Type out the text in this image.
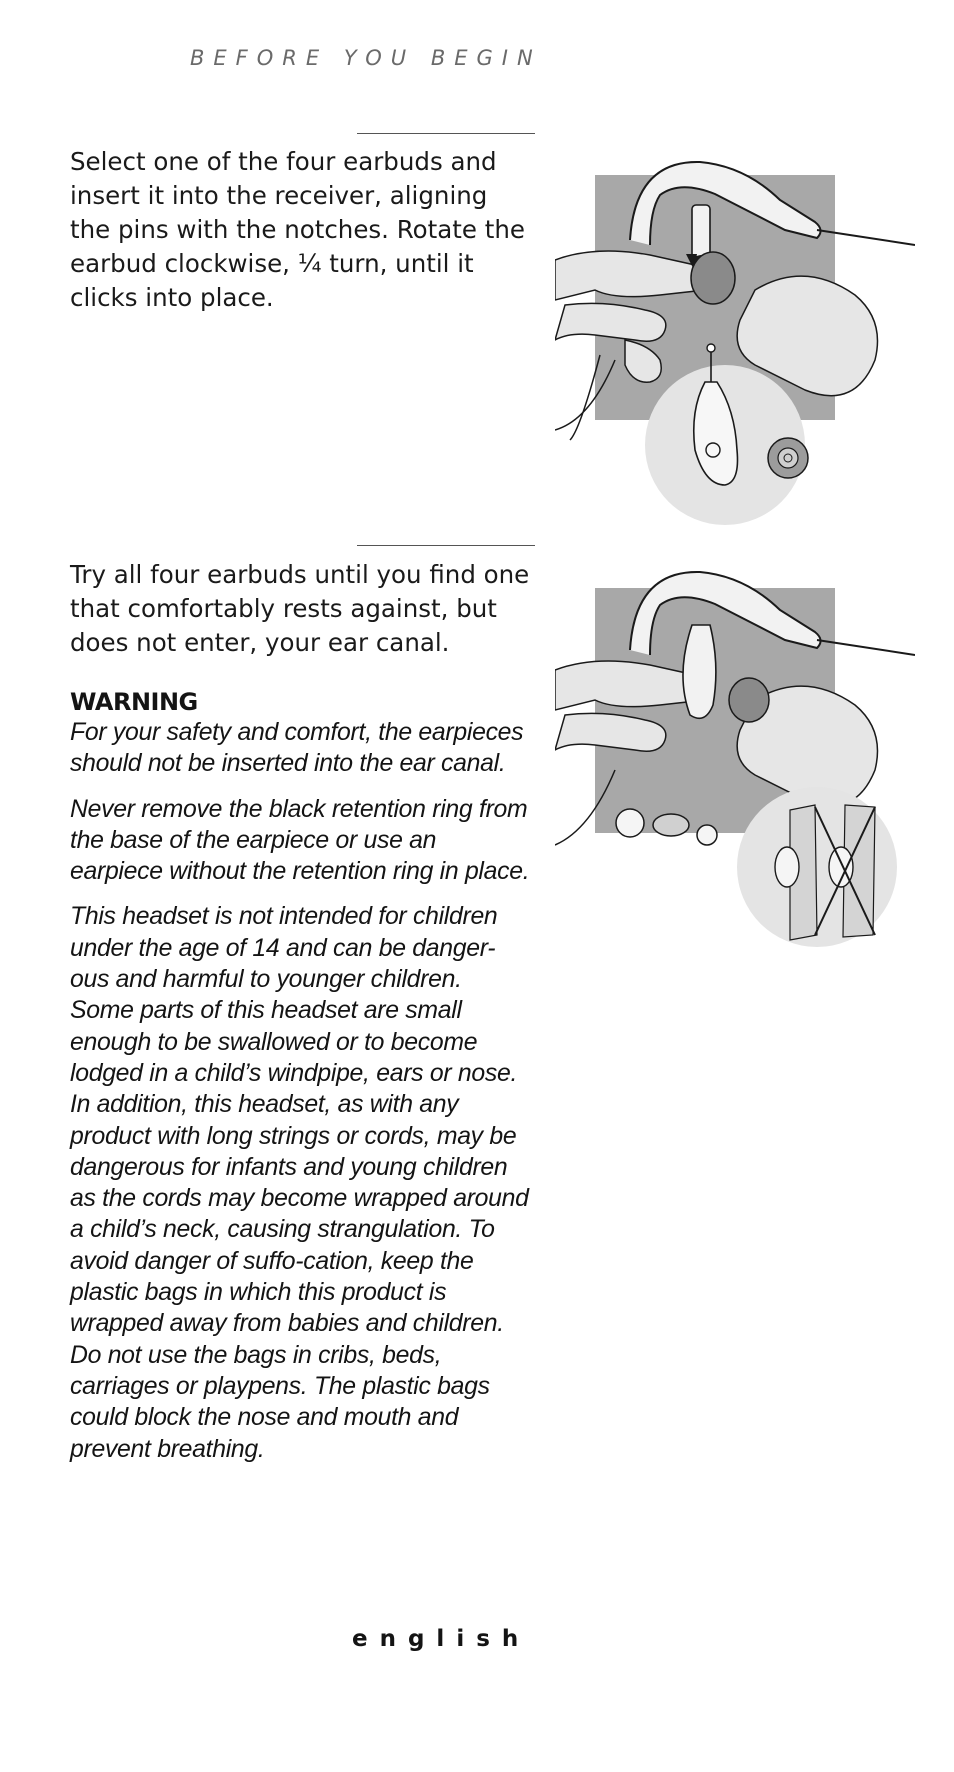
BEFORE YOU BEGIN

Select one of the four earbuds and insert it into the receiver, aligning the pins with the notches. Rotate the earbud clockwise, ¼ turn, until it clicks into place.

Try all four earbuds until you find one that comfortably rests against, but does not enter, your ear canal.

WARNING

For your safety and comfort, the earpieces should not be inserted into the ear canal.

Never remove the black retention ring from the base of the earpiece or use an earpiece without the retention ring in place.

This headset is not intended for children under the age of 14 and can be danger-ous and harmful to younger children. Some parts of this headset are small enough to be swallowed or to become lodged in a child’s windpipe, ears or nose. In addition, this headset, as with any product with long strings or cords, may be dangerous for infants and young children as the cords may become wrapped around a child’s neck, causing strangulation. To avoid danger of suffo-cation, keep the plastic bags in which this product is wrapped away from babies and children. Do not use the bags in cribs, beds, carriages or playpens. The plastic bags could block the nose and mouth and prevent breathing.

english
